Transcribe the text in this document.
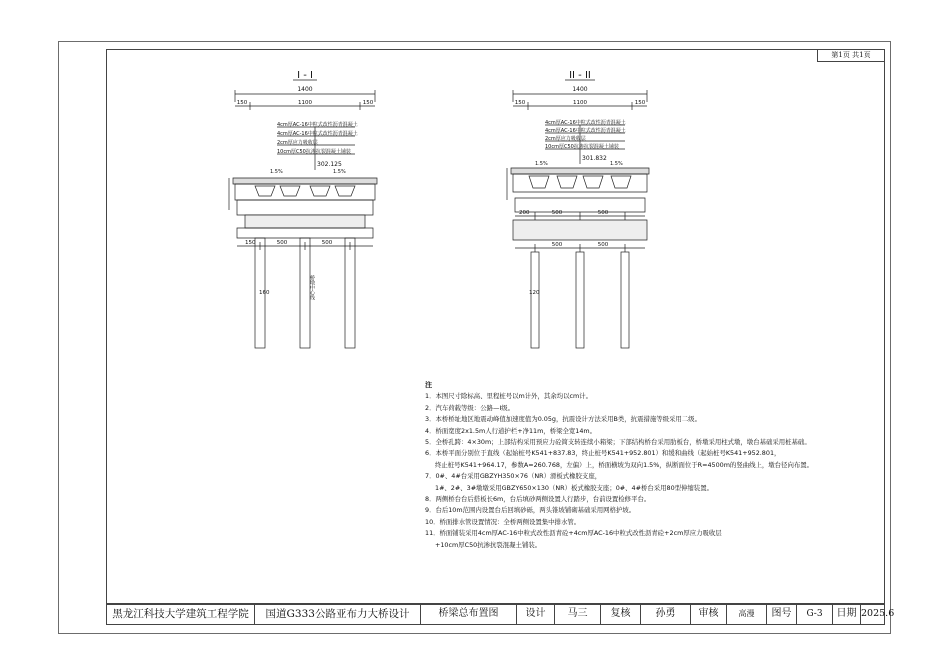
第1页 共1页
I - I
1400
150	1100	150
4cm厚AC-16中粒式改性沥青混凝土
4cm厚AC-16中粒式改性沥青混凝土
2cm厚应力吸收层
10cm厚C50抗渗抗裂混凝土铺装
302.125
1.5%	1.5%
150	500	500
160	桥墩中心线
II - II
1400
150	1100	150
4cm厚AC-16中粒式改性沥青混凝土
4cm厚AC-16中粒式改性沥青混凝土
2cm厚应力吸收层
10cm厚C50抗渗抗裂混凝土铺装
301.832
1.5%	1.5%
200	500	500
500	500
120
注
1．本图尺寸除标高、里程桩号以m计外，其余均以cm计。
2．汽车荷载等级：公路—I级。
3．本桥桥址地区地震动峰值加速度值为0.05g，抗震设计方法采用B类，抗震措施等级采用二级。
4．桥面宽度2x1.5m人行道护栏+净11m，桥梁全宽14m。
5．全桥孔跨：4×30m；上部结构采用预应力砼简支转连续小箱梁；下部结构桥台采用肋板台，桥墩采用柱式墩，墩台基础采用桩基础。
6．本桥平面分别位于直线（起始桩号K541+837.83，终止桩号K541+952.801）和缓和曲线（起始桩号K541+952.801，
终止桩号K541+964.17，参数A=260.768，左偏）上，桥面横坡为双向1.5%，纵断面位于R=4500m的竖曲线上，墩台径向布置。
7．0#、4#台采用GBZYH350×76（NR）滑板式橡胶支座，
1#、2#、3#墩墩采用GBZY650×130（NR）板式橡胶支座；0#、4#桥台采用80型伸缩装置。
8．两侧桥台台后搭板长6m，台后填砂两侧设置人行踏步，台前设置检修平台。
9．台后10m范围内设置台后回填砂砾，两头锥坡铺砌基础采用网格护坡。
10．桥面排水管设置情况：全桥两侧设置集中排水管。
11．桥面铺装采用4cm厚AC-16中粒式改性沥青砼+4cm厚AC-16中粒式改性沥青砼+2cm厚应力吸收层
+10cm厚C50抗渗抗裂混凝土铺装。
黑龙江科技大学建筑工程学院	国道G333公路亚布力大桥设计	桥梁总布置图	设计	马三	复核	孙勇	审核	高漫	图号	G-3	日期 2025.6
